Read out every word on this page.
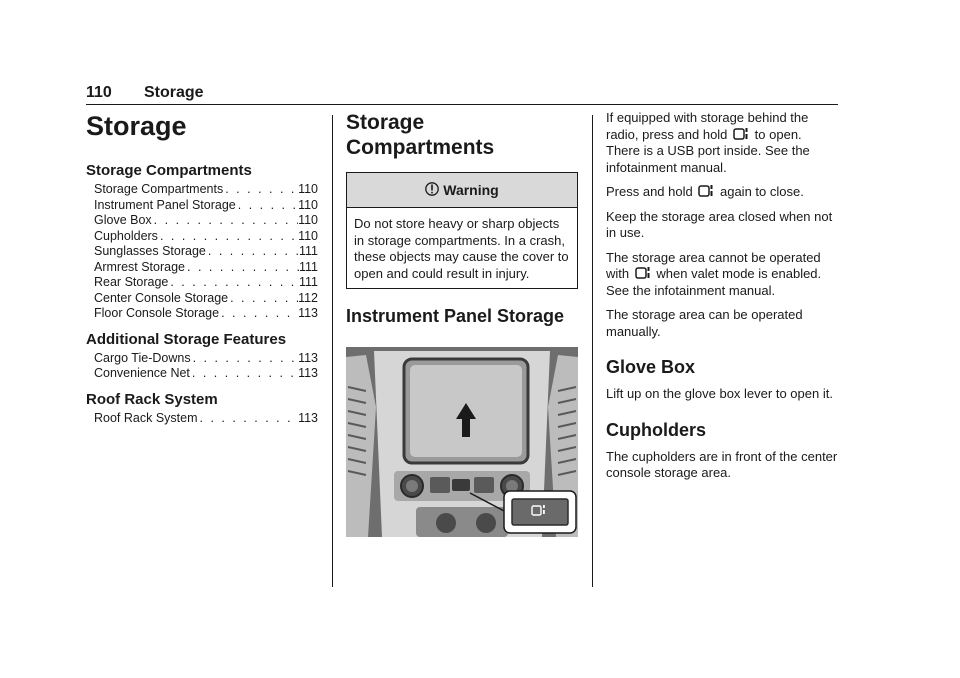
110 Storage
Storage
Storage Compartments
Storage Compartments . . .	110
Instrument Panel Storage . . .	110
Glove Box . . .	110
Cupholders . . .	110
Sunglasses Storage . . .	111
Armrest Storage . . .	111
Rear Storage . . .	111
Center Console Storage . . .	112
Floor Console Storage . . .	113
Additional Storage Features
Cargo Tie-Downs . . .	113
Convenience Net . . .	113
Roof Rack System
Roof Rack System . . .	113
Storage
Compartments
Warning
Do not store heavy or sharp objects in storage compartments. In a crash, these objects may cause the cover to open and could result in injury.
Instrument Panel Storage

If equipped with storage behind the radio, press and hold to open. There is a USB port inside. See the infotainment manual.

Press and hold again to close.

Keep the storage area closed when not in use.

The storage area cannot be operated with when valet mode is enabled. See the infotainment manual.

The storage area can be operated manually.

Glove Box

Lift up on the glove box lever to open it.

Cupholders

The cupholders are in front of the center console storage area.
